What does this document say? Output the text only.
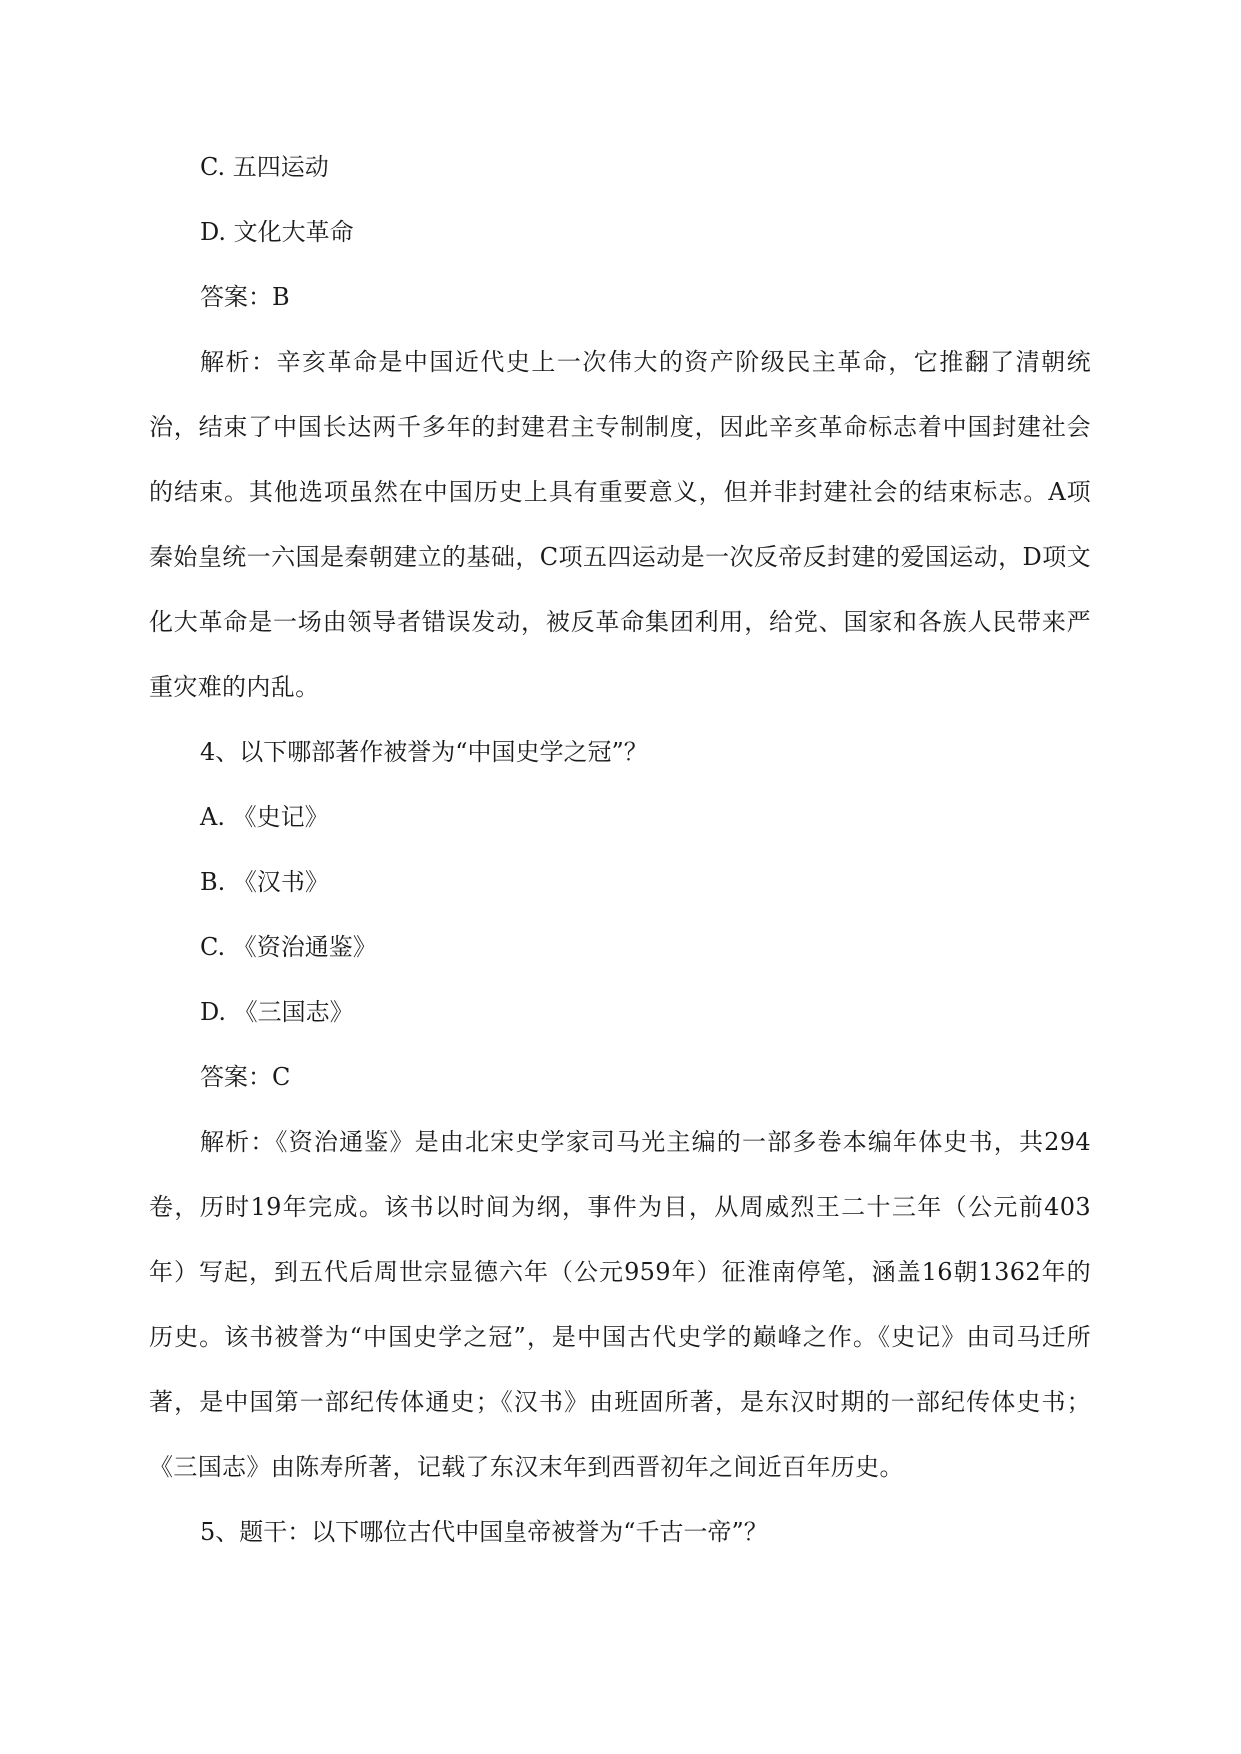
C. 五四运动
D. 文化大革命
答案：B
解析：辛亥革命是中国近代史上一次伟大的资产阶级民主革命，它推翻了清朝统治，结束了中国长达两千多年的封建君主专制制度，因此辛亥革命标志着中国封建社会的结束。其他选项虽然在中国历史上具有重要意义，但并非封建社会的结束标志。A项秦始皇统一六国是秦朝建立的基础，C项五四运动是一次反帝反封建的爱国运动，D项文化大革命是一场由领导者错误发动，被反革命集团利用，给党、国家和各族人民带来严重灾难的内乱。
4、以下哪部著作被誉为“中国史学之冠”？
A. 《史记》
B. 《汉书》
C. 《资治通鉴》
D. 《三国志》
答案：C
解析：《资治通鉴》是由北宋史学家司马光主编的一部多卷本编年体史书，共294卷，历时19年完成。该书以时间为纲，事件为目，从周威烈王二十三年（公元前403年）写起，到五代后周世宗显德六年（公元959年）征淮南停笔，涵盖16朝1362年的历史。该书被誉为“中国史学之冠”，是中国古代史学的巅峰之作。《史记》由司马迁所著，是中国第一部纪传体通史；《汉书》由班固所著，是东汉时期的一部纪传体史书；《三国志》由陈寿所著，记载了东汉末年到西晋初年之间近百年历史。
5、题干：以下哪位古代中国皇帝被誉为“千古一帝”？
